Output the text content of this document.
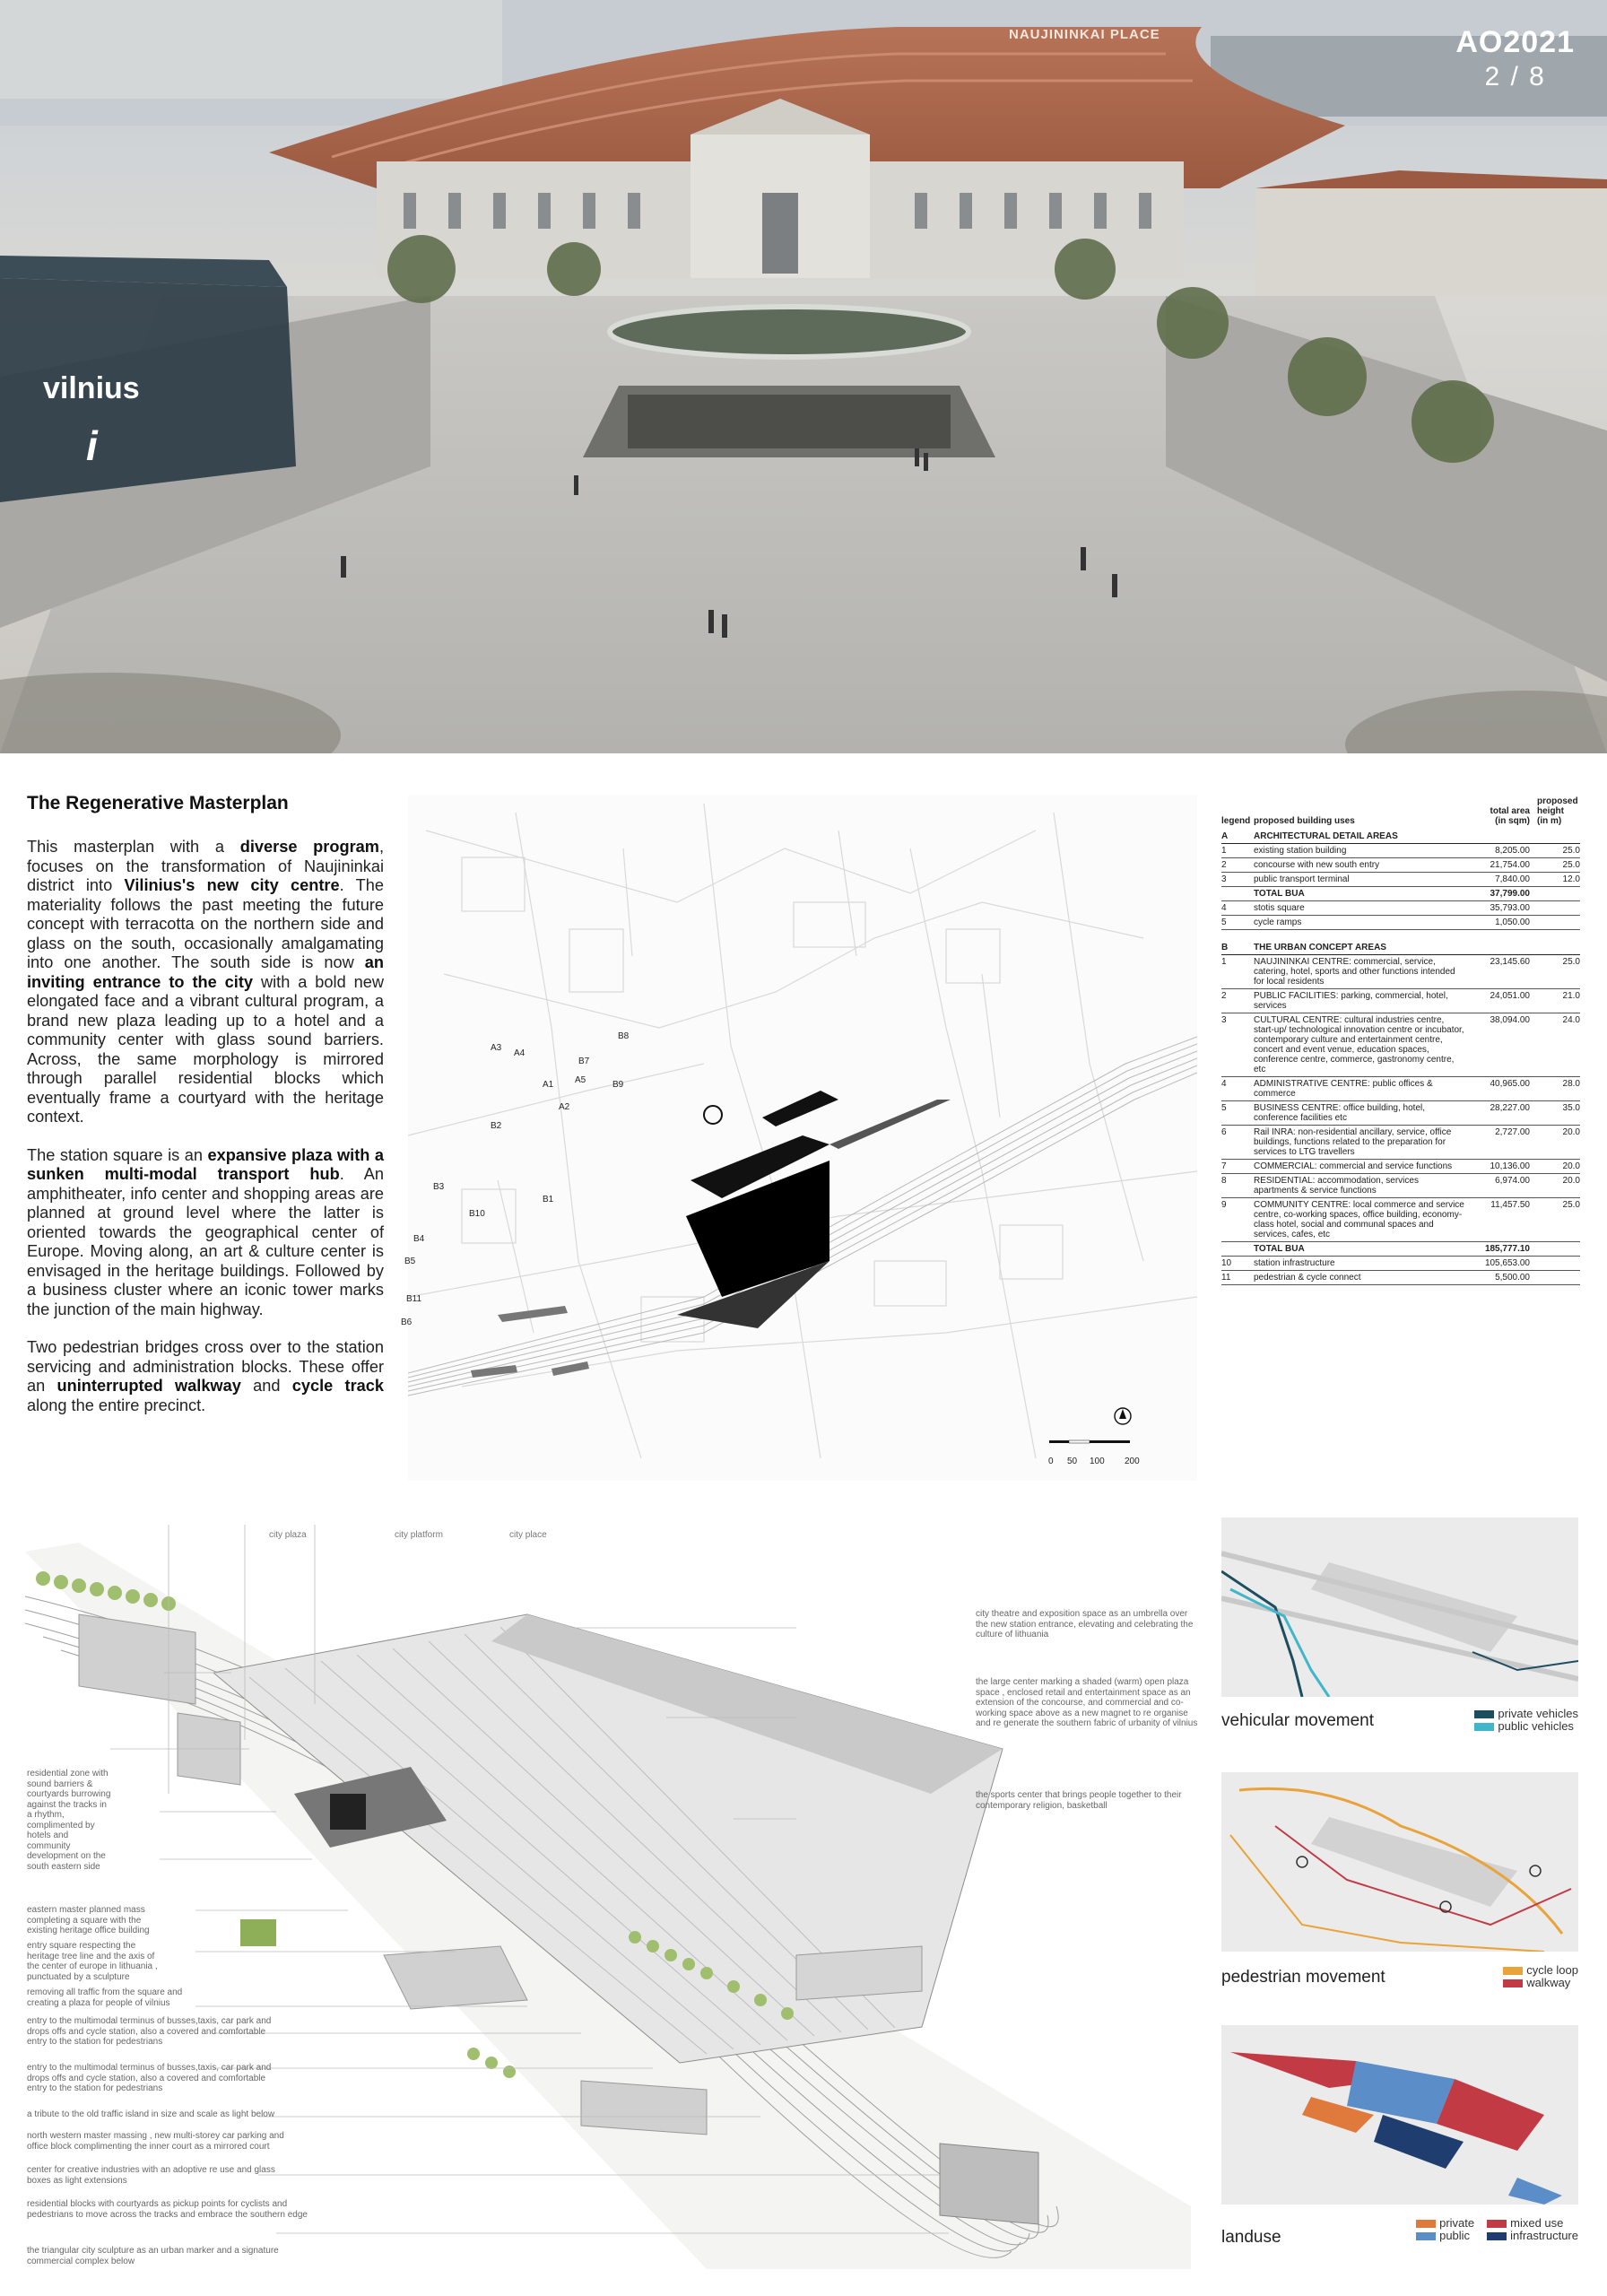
NAUJININKAI PLACE
vilnius
i
AO2021
2 / 8
The Regenerative Masterplan

This masterplan with a diverse program, focuses on the transformation of Naujininkai district into Vilinius's new city centre. The materiality follows the past meeting the future concept with terracotta on the northern side and glass on the south, occasionally amalgamating into one another. The south side is now an inviting entrance to the city with a bold new elongated face and a vibrant cultural program, a brand new plaza leading up to a hotel and a community center with glass sound barriers. Across, the same morphology is mirrored through parallel residential blocks which eventually frame a courtyard with the heritage context.

The station square is an expansive plaza with a sunken multi-modal transport hub. An amphitheater, info center and shopping areas are planned at ground level where the latter is oriented towards the geographical center of Europe. Moving along, an art & culture center is envisaged in the heritage buildings. Followed by a business cluster where an iconic tower marks the junction of the main highway.

Two pedestrian bridges cross over to the station servicing and administration blocks. These offer an uninterrupted walkway and cycle track along the entire precinct.

A3
A4
A1
A2
A5
B1
B2
B3
B4
B5
B6
B7
B8
B9
B10
B11
0 50 100 200
legend	proposed building uses	total area
(in sqm)	proposed height
(in m)
A	ARCHITECTURAL DETAIL AREAS		
1	existing station building	8,205.00	25.0
2	concourse with new south entry	21,754.00	25.0
3	public transport terminal	7,840.00	12.0
	TOTAL BUA	37,799.00	
4	stotis square	35,793.00	
5	cycle ramps	1,050.00	

B	THE URBAN CONCEPT AREAS		
1	NAUJININKAI CENTRE: commercial, service, catering, hotel, sports and other functions intended for local residents	23,145.60	25.0
2	PUBLIC FACILITIES: parking, commercial, hotel, services	24,051.00	21.0
3	CULTURAL CENTRE: cultural industries centre, start-up/ technological innovation centre or incubator, contemporary culture and entertainment centre, concert and event venue, education spaces, conference centre, commerce, gastronomy centre, etc	38,094.00	24.0
4	ADMINISTRATIVE CENTRE: public offices & commerce	40,965.00	28.0
5	BUSINESS CENTRE: office building, hotel, conference facilities etc	28,227.00	35.0
6	Rail INRA: non-residential ancillary, service, office buildings, functions related to the preparation for services to LTG travellers	2,727.00	20.0
7	COMMERCIAL: commercial and service functions	10,136.00	20.0
8	RESIDENTIAL: accommodation, services apartments & service functions	6,974.00	20.0
9	COMMUNITY CENTRE: local commerce and service centre, co-working spaces, office building, economy-class hotel, social and communal spaces and services, cafes, etc	11,457.50	25.0
	TOTAL BUA	185,777.10	
10	station infrastructure	105,653.00	
11	pedestrian & cycle connect	5,500.00	
city plaza	city platform	city place
city theatre and exposition space as an umbrella over the new station entrance, elevating and celebrating the culture of lithuania
the large center marking a shaded (warm) open plaza space , enclosed retail and entertainment space as an extension of the concourse, and commercial and co-working space above as a new magnet to re organise and re generate the southern fabric of urbanity of vilnius
the sports center that brings people together to their contemporary religion, basketball
residential zone with sound barriers & courtyards burrowing against the tracks in a rhythm, complimented by hotels and community development on the south eastern side
eastern master planned mass completing a square with the existing heritage office building
entry square respecting the heritage tree line and the axis of the center of europe in lithuania , punctuated by a sculpture
removing all traffic from the square and creating a plaza for people of vilnius
entry to the multimodal terminus of busses,taxis, car park and drops offs and cycle station, also a covered and comfortable entry to the station for pedestrians
entry to the multimodal terminus of busses,taxis, car park and drops offs and cycle station, also a covered and comfortable entry to the station for pedestrians
a tribute to the old traffic island in size and scale as light below
north western master massing , new multi-storey car parking and office block complimenting the inner court as a mirrored court
center for creative industries with an adoptive re use and glass boxes as light extensions
residential blocks with courtyards as pickup points for cyclists and pedestrians to move across the tracks and embrace the southern edge
the triangular city sculpture as an urban marker and a signature commercial complex below
vehicular movement	private vehicles
public vehicles
pedestrian movement	cycle loop
walkway
landuse
private	mixed use
public	infrastructure
